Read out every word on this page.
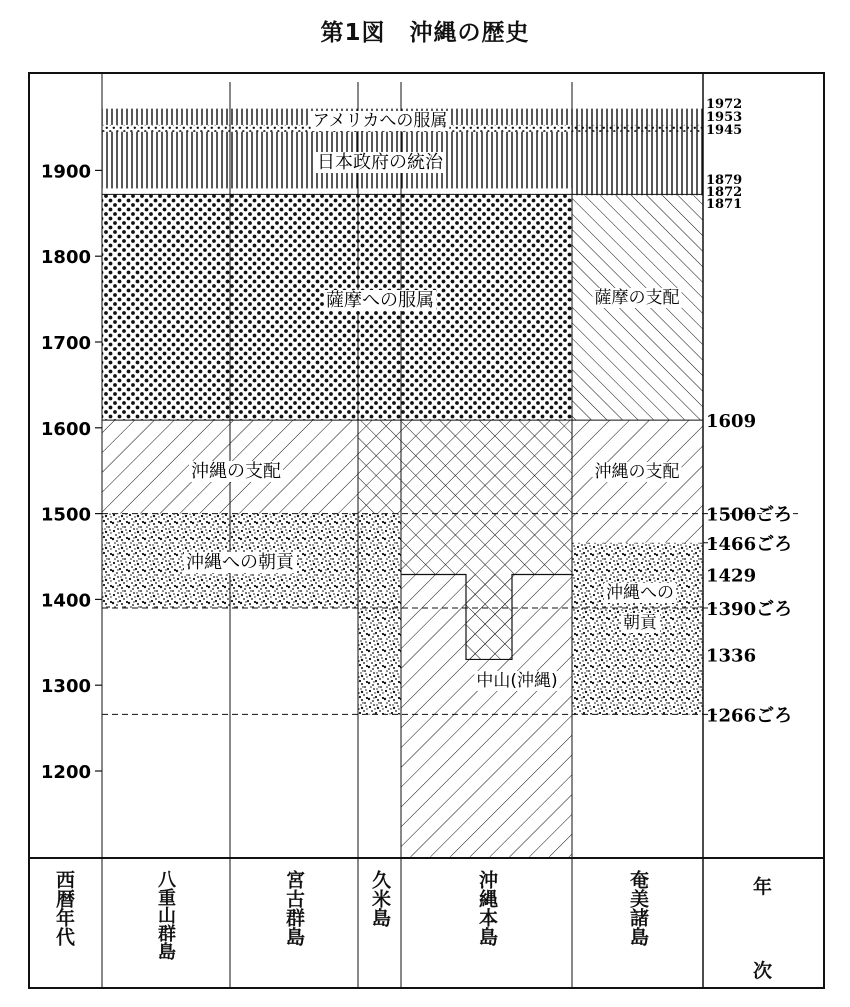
第1図　沖縄の歴史
1200
1300
1400
1500
1600
1700
1800
1900
1972
1953
1945
1879
1872
1871
1609
1500ごろ
1466ごろ
1429
1390ごろ
1336
1266ごろ
アメリカへの服属
日本政府の統治
薩摩への服属	薩摩の支配
沖縄の支配	沖縄の支配
沖縄への朝貢
沖縄への
朝貢
中山(沖縄)
西暦年代	八重山群島	宮古群島	久米島	沖縄本島	奄美諸島	年
次
